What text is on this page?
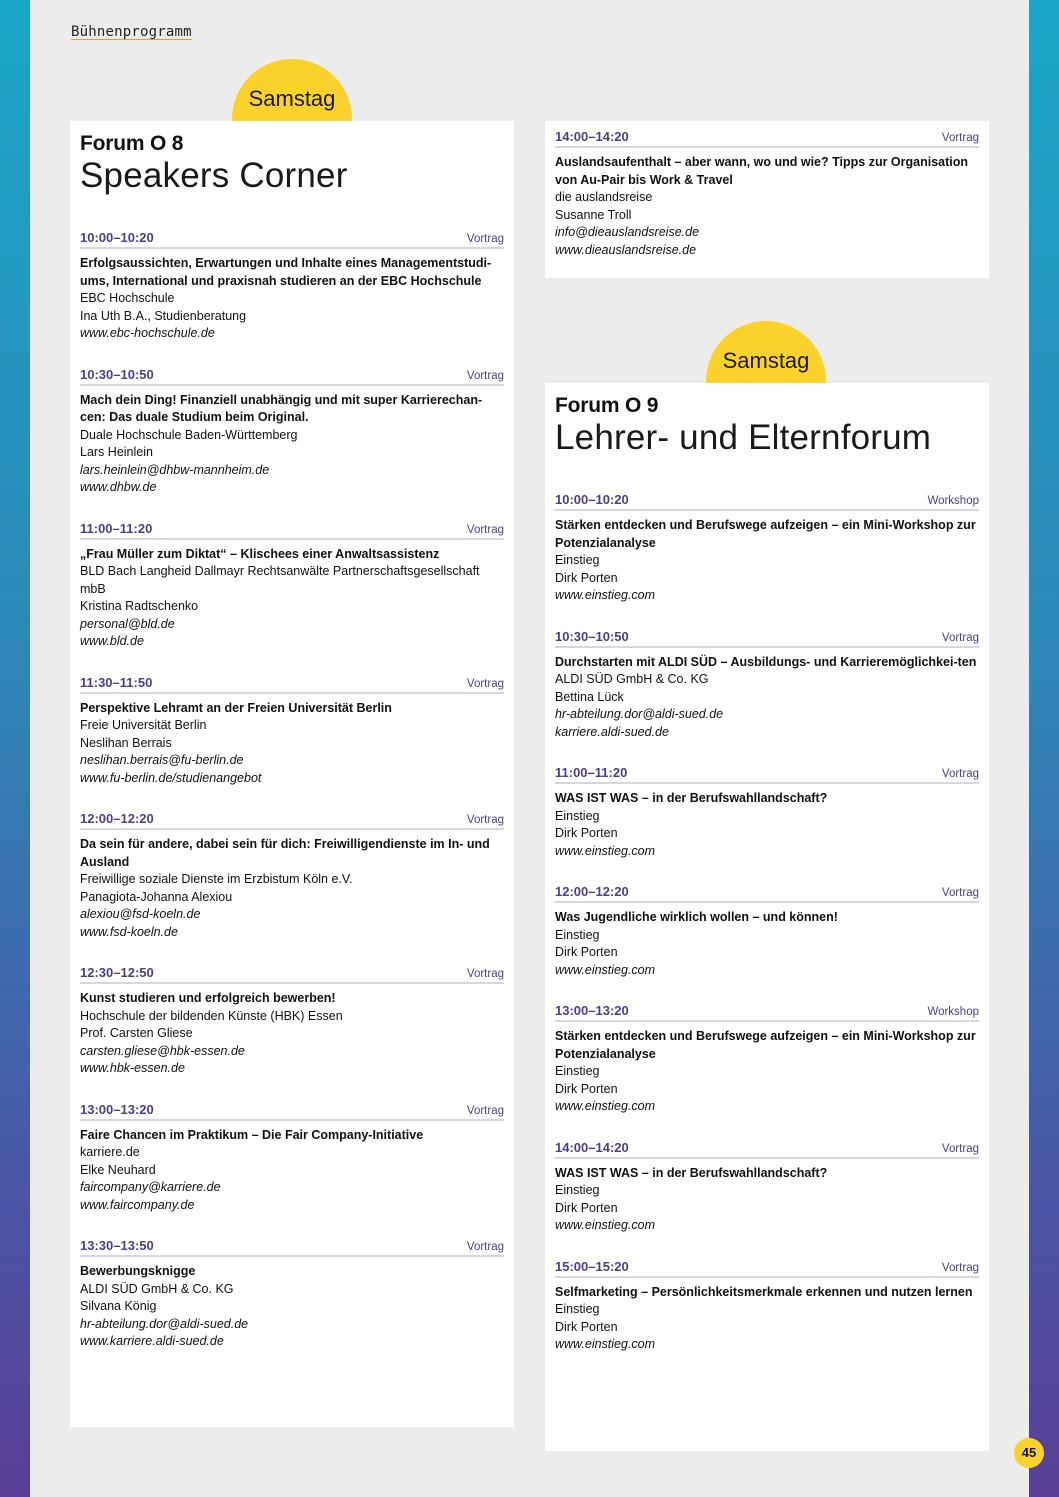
Bühnenprogramm
Samstag
Forum O 8
Speakers Corner
10:00–10:20	Vortrag
Erfolgsaussichten, Erwartungen und Inhalte eines Managementstudi-ums, International und praxisnah studieren an der EBC Hochschule
EBC Hochschule
Ina Uth B.A., Studienberatung
www.ebc-hochschule.de
10:30–10:50	Vortrag
Mach dein Ding! Finanziell unabhängig und mit super Karrierechan-cen: Das duale Studium beim Original.
Duale Hochschule Baden-Württemberg
Lars Heinlein
lars.heinlein@dhbw-mannheim.de
www.dhbw.de
11:00–11:20	Vortrag
„Frau Müller zum Diktat“ – Klischees einer Anwaltsassistenz
BLD Bach Langheid Dallmayr Rechtsanwälte Partnerschaftsgesellschaft mbB
Kristina Radtschenko
personal@bld.de
www.bld.de
11:30–11:50	Vortrag
Perspektive Lehramt an der Freien Universität Berlin
Freie Universität Berlin
Neslihan Berrais
neslihan.berrais@fu-berlin.de
www.fu-berlin.de/studienangebot
12:00–12:20	Vortrag
Da sein für andere, dabei sein für dich: Freiwilligendienste im In- und Ausland
Freiwillige soziale Dienste im Erzbistum Köln e.V.
Panagiota-Johanna Alexiou
alexiou@fsd-koeln.de
www.fsd-koeln.de
12:30–12:50	Vortrag
Kunst studieren und erfolgreich bewerben!
Hochschule der bildenden Künste (HBK) Essen
Prof. Carsten Gliese
carsten.gliese@hbk-essen.de
www.hbk-essen.de
13:00–13:20	Vortrag
Faire Chancen im Praktikum – Die Fair Company-Initiative
karriere.de
Elke Neuhard
faircompany@karriere.de
www.faircompany.de
13:30–13:50	Vortrag
Bewerbungsknigge
ALDI SÜD GmbH & Co. KG
Silvana König
hr-abteilung.dor@aldi-sued.de
www.karriere.aldi-sued.de
14:00–14:20	Vortrag
Auslandsaufenthalt – aber wann, wo und wie? Tipps zur Organisation von Au-Pair bis Work & Travel
die auslandsreise
Susanne Troll
info@dieauslandsreise.de
www.dieauslandsreise.de
Samstag
Forum O 9
Lehrer- und Elternforum
10:00–10:20	Workshop
Stärken entdecken und Berufswege aufzeigen – ein Mini-Workshop zur Potenzialanalyse
Einstieg
Dirk Porten
www.einstieg.com
10:30–10:50	Vortrag
Durchstarten mit ALDI SÜD – Ausbildungs- und Karrieremöglichkei-ten
ALDI SÜD GmbH & Co. KG
Bettina Lück
hr-abteilung.dor@aldi-sued.de
karriere.aldi-sued.de
11:00–11:20	Vortrag
WAS IST WAS – in der Berufswahllandschaft?
Einstieg
Dirk Porten
www.einstieg.com
12:00–12:20	Vortrag
Was Jugendliche wirklich wollen – und können!
Einstieg
Dirk Porten
www.einstieg.com
13:00–13:20	Workshop
Stärken entdecken und Berufswege aufzeigen – ein Mini-Workshop zur Potenzialanalyse
Einstieg
Dirk Porten
www.einstieg.com
14:00–14:20	Vortrag
WAS IST WAS – in der Berufswahllandschaft?
Einstieg
Dirk Porten
www.einstieg.com
15:00–15:20	Vortrag
Selfmarketing – Persönlichkeitsmerkmale erkennen und nutzen lernen
Einstieg
Dirk Porten
www.einstieg.com
45
